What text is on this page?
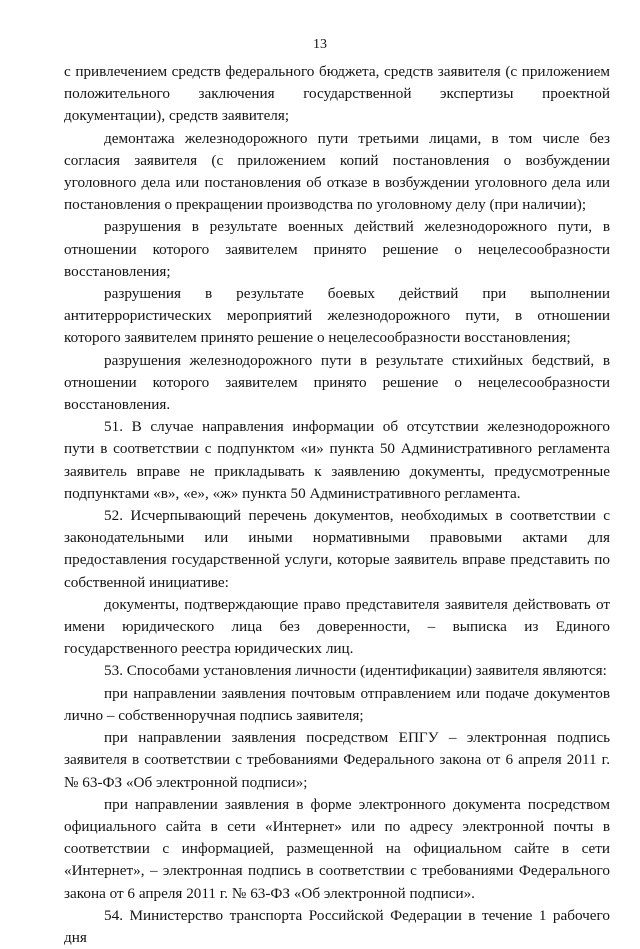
13

с привлечением средств федерального бюджета, средств заявителя (с приложением положительного заключения государственной экспертизы проектной документации), средств заявителя;

демонтажа железнодорожного пути третьими лицами, в том числе без согласия заявителя (с приложением копий постановления о возбуждении уголовного дела или постановления об отказе в возбуждении уголовного дела или постановления о прекращении производства по уголовному делу (при наличии);

разрушения в результате военных действий железнодорожного пути, в отношении которого заявителем принято решение о нецелесообразности восстановления;

разрушения в результате боевых действий при выполнении антитеррористических мероприятий железнодорожного пути, в отношении которого заявителем принято решение о нецелесообразности восстановления;

разрушения железнодорожного пути в результате стихийных бедствий, в отношении которого заявителем принято решение о нецелесообразности восстановления.

51. В случае направления информации об отсутствии железнодорожного пути в соответствии с подпунктом «и» пункта 50 Административного регламента заявитель вправе не прикладывать к заявлению документы, предусмотренные подпунктами «в», «е», «ж» пункта 50 Административного регламента.

52. Исчерпывающий перечень документов, необходимых в соответствии с законодательными или иными нормативными правовыми актами для предоставления государственной услуги, которые заявитель вправе представить по собственной инициативе:

документы, подтверждающие право представителя заявителя действовать от имени юридического лица без доверенности, – выписка из Единого государственного реестра юридических лиц.

53. Способами установления личности (идентификации) заявителя являются:

при направлении заявления почтовым отправлением или подаче документов лично – собственноручная подпись заявителя;

при направлении заявления посредством ЕПГУ – электронная подпись заявителя в соответствии с требованиями Федерального закона от 6 апреля 2011 г. № 63-ФЗ «Об электронной подписи»;

при направлении заявления в форме электронного документа посредством официального сайта в сети «Интернет» или по адресу электронной почты в соответствии с информацией, размещенной на официальном сайте в сети «Интернет», – электронная подпись в соответствии с требованиями Федерального закона от 6 апреля 2011 г. № 63-ФЗ «Об электронной подписи».

54. Министерство транспорта Российской Федерации в течение 1 рабочего дня
